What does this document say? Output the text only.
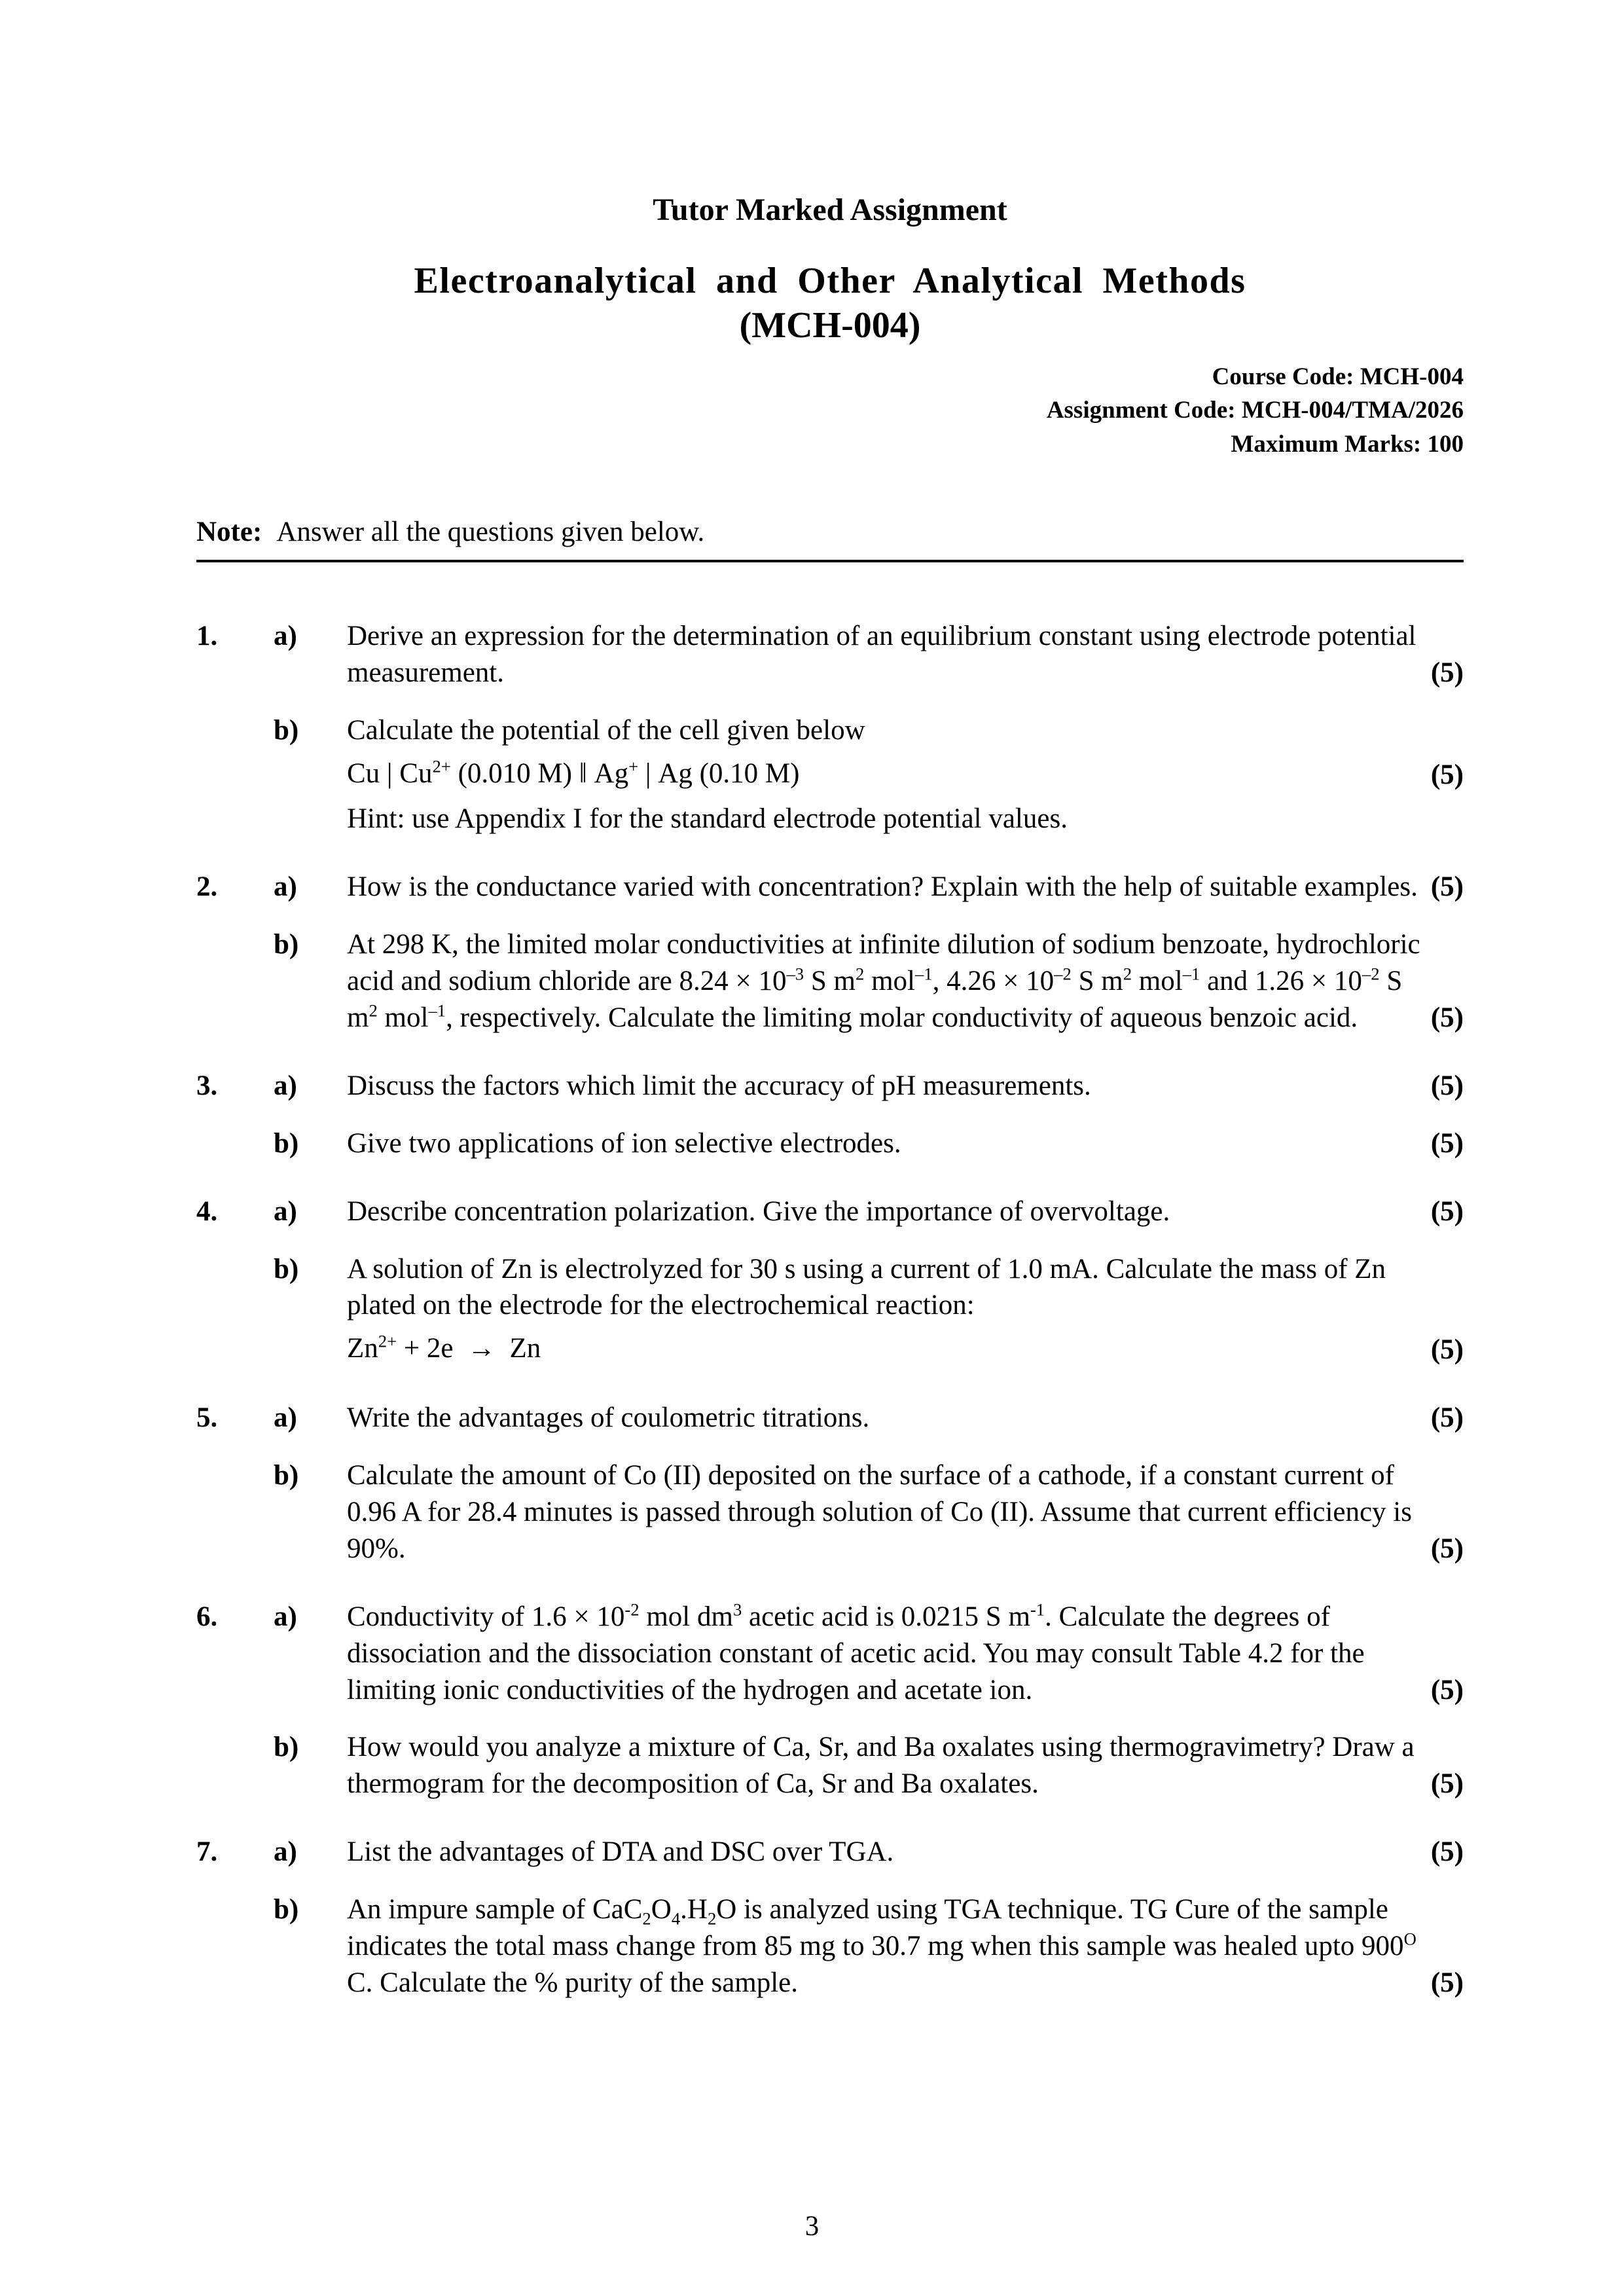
Tutor Marked Assignment
Electroanalytical and Other Analytical Methods
(MCH-004)
Course Code: MCH-004
Assignment Code: MCH-004/TMA/2026
Maximum Marks: 100
Note: Answer all the questions given below.
1.	a)	Derive an expression for the determination of an equilibrium constant using electrode potential measurement.	(5)
b)	Calculate the potential of the cell given below
Cu | $Cu^{2+}$ (0.010 M) ‖ Ag+ | Ag (0.10 M)	(5)
Hint: use Appendix I for the standard electrode potential values.
2.	a)	How is the conductance varied with concentration? Explain with the help of suitable examples. (5)
b)	At 298 K, the limited molar conductivities at infinite dilution of sodium benzoate, hydrochloric acid and sodium chloride are $8.24 \times 10^{-3}$ S $m^2$ mol$^{-1}$, $4.26 \times 10^{-2}$ S $m^2$ mol$^{-1}$ and $1.26 \times 10^{-2}$ S $m^2$ mol$^{-1}$, respectively. Calculate the limiting molar conductivity of aqueous benzoic acid.	(5)
3.	a)	Discuss the factors which limit the accuracy of pH measurements.	(5)
b)	Give two applications of ion selective electrodes.	(5)
4.	a)	Describe concentration polarization. Give the importance of overvoltage.	(5)
b)	A solution of Zn is electrolyzed for 30 s using a current of 1.0 mA. Calculate the mass of Zn plated on the electrode for the electrochemical reaction:
$Zn^{2+} + 2e \to Zn$	(5)
5.	a)	Write the advantages of coulometric titrations.	(5)
b)	Calculate the amount of Co (II) deposited on the surface of a cathode, if a constant current of 0.96 A for 28.4 minutes is passed through solution of Co (II). Assume that current efficiency is 90%.	(5)
6.	a)	Conductivity of $1.6 \times 10^{-2}$ mol $dm^3$ acetic acid is 0.0215 S $m^{-1}$. Calculate the degrees of dissociation and the dissociation constant of acetic acid. You may consult Table 4.2 for the limiting ionic conductivities of the hydrogen and acetate ion.	(5)
b)	How would you analyze a mixture of Ca, Sr, and Ba oxalates using thermogravimetry? Draw a thermogram for the decomposition of Ca, Sr and Ba oxalates.	(5)
7.	a)	List the advantages of DTA and DSC over TGA.	(5)
b)	An impure sample of $CaC_2O_4.H_2O$ is analyzed using TGA technique. TG Cure of the sample indicates the total mass change from 85 mg to 30.7 mg when this sample was healed upto $900^O$ C. Calculate the % purity of the sample.	(5)
3
